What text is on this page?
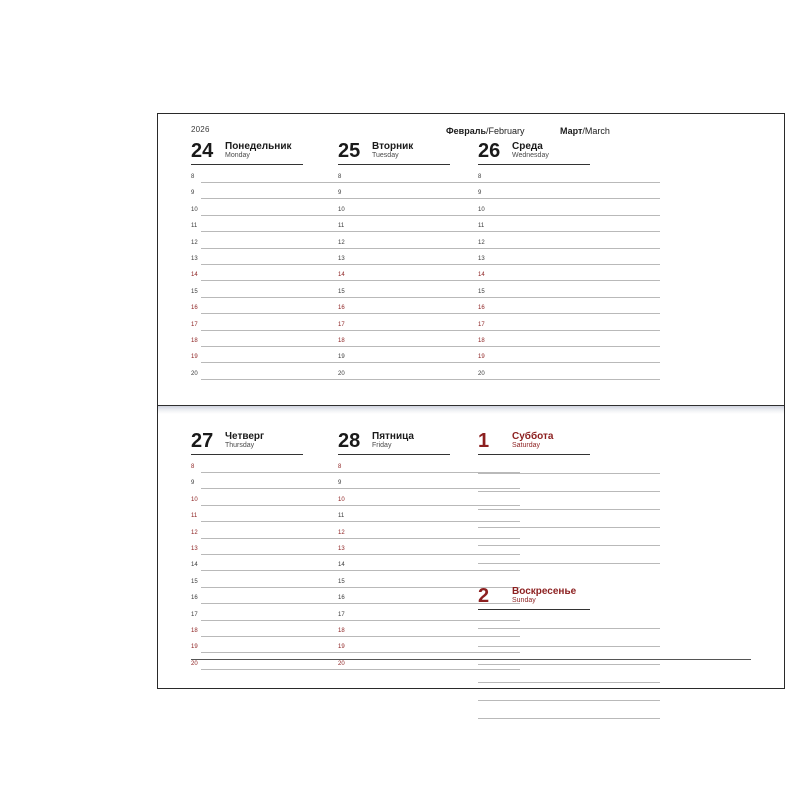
2026	Февраль/February	Март/March
24 Понедельник
Monday
8
9
10
11
12
13
14
15
16
17
18
19
20
25 Вторник
Tuesday
8
9
10
11
12
13
14
15
16
17
18
19
20
26 Среда
Wednesday
8
9
10
11
12
13
14
15
16
17
18
19
20
27 Четверг
Thursday
8
9
10
11
12
13
14
15
16
17
18
19
20
28 Пятница
Friday
8
9
10
11
12
13
14
15
16
17
18
19
20
1 Суббота
Saturday
2 Воскресенье
Sunday
